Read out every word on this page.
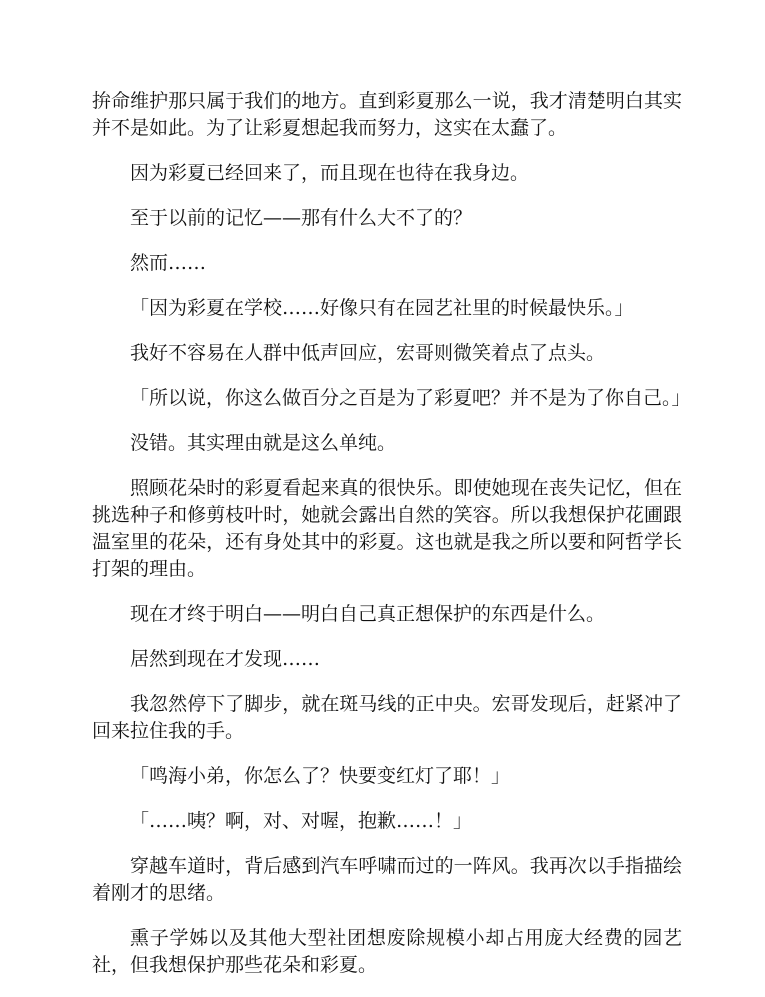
拚命维护那只属于我们的地方。直到彩夏那么一说，我才清楚明白其实并不是如此。为了让彩夏想起我而努力，这实在太蠢了。

因为彩夏已经回来了，而且现在也待在我身边。

至于以前的记忆——那有什么大不了的？

然而……

「因为彩夏在学校……好像只有在园艺社里的时候最快乐。」

我好不容易在人群中低声回应，宏哥则微笑着点了点头。

「所以说，你这么做百分之百是为了彩夏吧？并不是为了你自己。」

没错。其实理由就是这么单纯。

照顾花朵时的彩夏看起来真的很快乐。即使她现在丧失记忆，但在挑选种子和修剪枝叶时，她就会露出自然的笑容。所以我想保护花圃跟温室里的花朵，还有身处其中的彩夏。这也就是我之所以要和阿哲学长打架的理由。

现在才终于明白——明白自己真正想保护的东西是什么。

居然到现在才发现……

我忽然停下了脚步，就在斑马线的正中央。宏哥发现后，赶紧冲了回来拉住我的手。

「鸣海小弟，你怎么了？快要变红灯了耶！」

「……咦？啊，对、对喔，抱歉……！」

穿越车道时，背后感到汽车呼啸而过的一阵风。我再次以手指描绘着刚才的思绪。

熏子学姊以及其他大型社团想废除规模小却占用庞大经费的园艺社，但我想保护那些花朵和彩夏。
